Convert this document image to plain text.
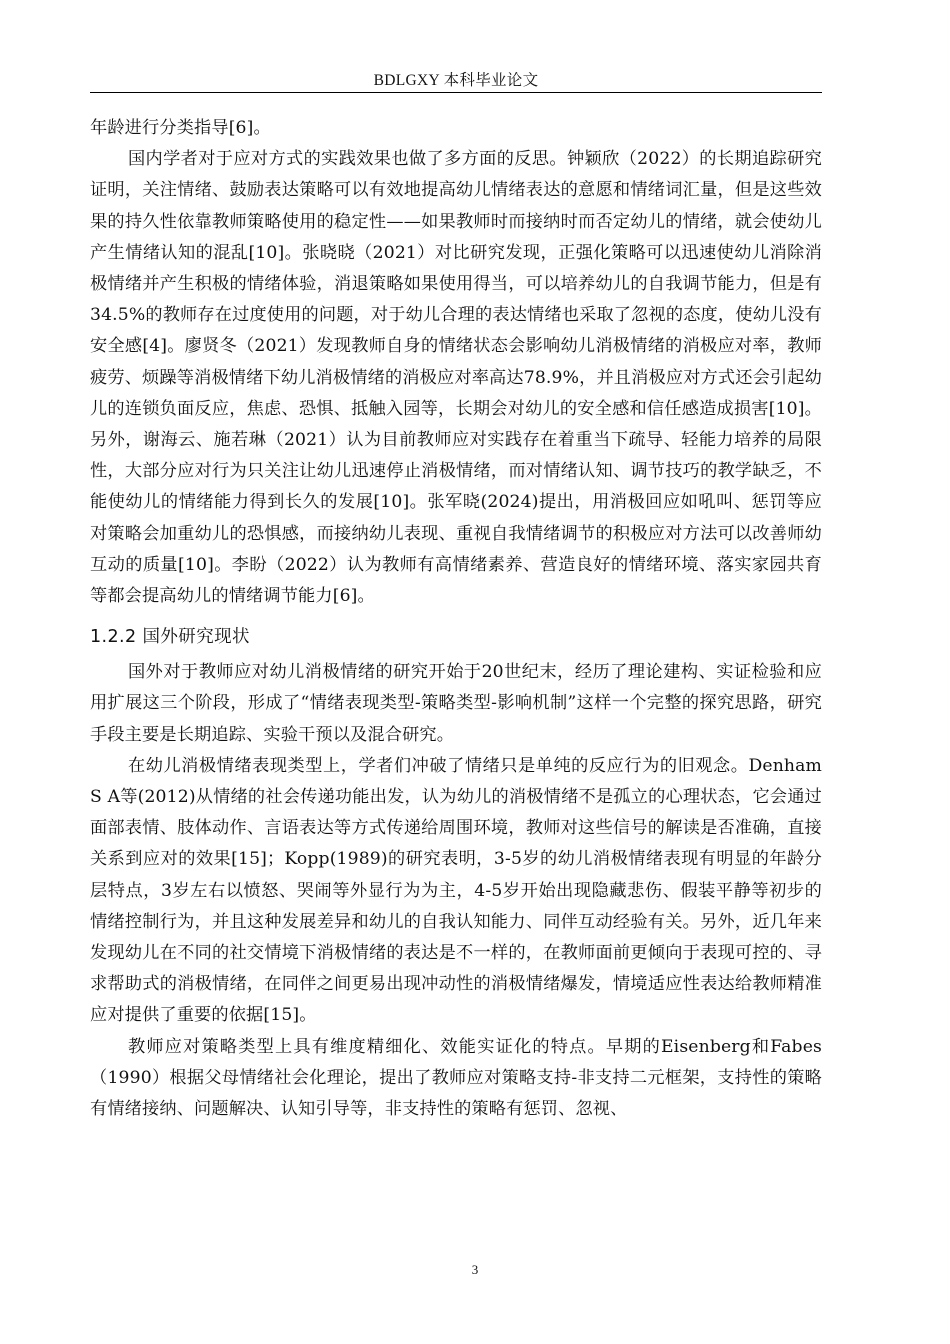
BDLGXY 本科毕业论文

年龄进行分类指导[6]。

国内学者对于应对方式的实践效果也做了多方面的反思。钟颖欣（2022）的长期追踪研究证明，关注情绪、鼓励表达策略可以有效地提高幼儿情绪表达的意愿和情绪词汇量，但是这些效果的持久性依靠教师策略使用的稳定性——如果教师时而接纳时而否定幼儿的情绪，就会使幼儿产生情绪认知的混乱[10]。张晓晓（2021）对比研究发现，正强化策略可以迅速使幼儿消除消极情绪并产生积极的情绪体验，消退策略如果使用得当，可以培养幼儿的自我调节能力，但是有34.5%的教师存在过度使用的问题，对于幼儿合理的表达情绪也采取了忽视的态度，使幼儿没有安全感[4]。廖贤冬（2021）发现教师自身的情绪状态会影响幼儿消极情绪的消极应对率，教师疲劳、烦躁等消极情绪下幼儿消极情绪的消极应对率高达78.9%，并且消极应对方式还会引起幼儿的连锁负面反应，焦虑、恐惧、抵触入园等，长期会对幼儿的安全感和信任感造成损害[10]。另外，谢海云、施若琳（2021）认为目前教师应对实践存在着重当下疏导、轻能力培养的局限性，大部分应对行为只关注让幼儿迅速停止消极情绪，而对情绪认知、调节技巧的教学缺乏，不能使幼儿的情绪能力得到长久的发展[10]。张军晓(2024)提出，用消极回应如吼叫、惩罚等应对策略会加重幼儿的恐惧感，而接纳幼儿表现、重视自我情绪调节的积极应对方法可以改善师幼互动的质量[10]。李盼（2022）认为教师有高情绪素养、营造良好的情绪环境、落实家园共育等都会提高幼儿的情绪调节能力[6]。

1.2.2 国外研究现状

国外对于教师应对幼儿消极情绪的研究开始于20世纪末，经历了理论建构、实证检验和应用扩展这三个阶段，形成了“情绪表现类型-策略类型-影响机制”这样一个完整的探究思路，研究手段主要是长期追踪、实验干预以及混合研究。

在幼儿消极情绪表现类型上，学者们冲破了情绪只是单纯的反应行为的旧观念。Denham S A等(2012)从情绪的社会传递功能出发，认为幼儿的消极情绪不是孤立的心理状态，它会通过面部表情、肢体动作、言语表达等方式传递给周围环境，教师对这些信号的解读是否准确，直接关系到应对的效果[15]；Kopp(1989)的研究表明，3-5岁的幼儿消极情绪表现有明显的年龄分层特点，3岁左右以愤怒、哭闹等外显行为为主，4-5岁开始出现隐藏悲伤、假装平静等初步的情绪控制行为，并且这种发展差异和幼儿的自我认知能力、同伴互动经验有关。另外，近几年来发现幼儿在不同的社交情境下消极情绪的表达是不一样的，在教师面前更倾向于表现可控的、寻求帮助式的消极情绪，在同伴之间更易出现冲动性的消极情绪爆发，情境适应性表达给教师精准应对提供了重要的依据[15]。

教师应对策略类型上具有维度精细化、效能实证化的特点。早期的Eisenberg和Fabes（1990）根据父母情绪社会化理论，提出了教师应对策略支持-非支持二元框架，支持性的策略有情绪接纳、问题解决、认知引导等，非支持性的策略有惩罚、忽视、

3
